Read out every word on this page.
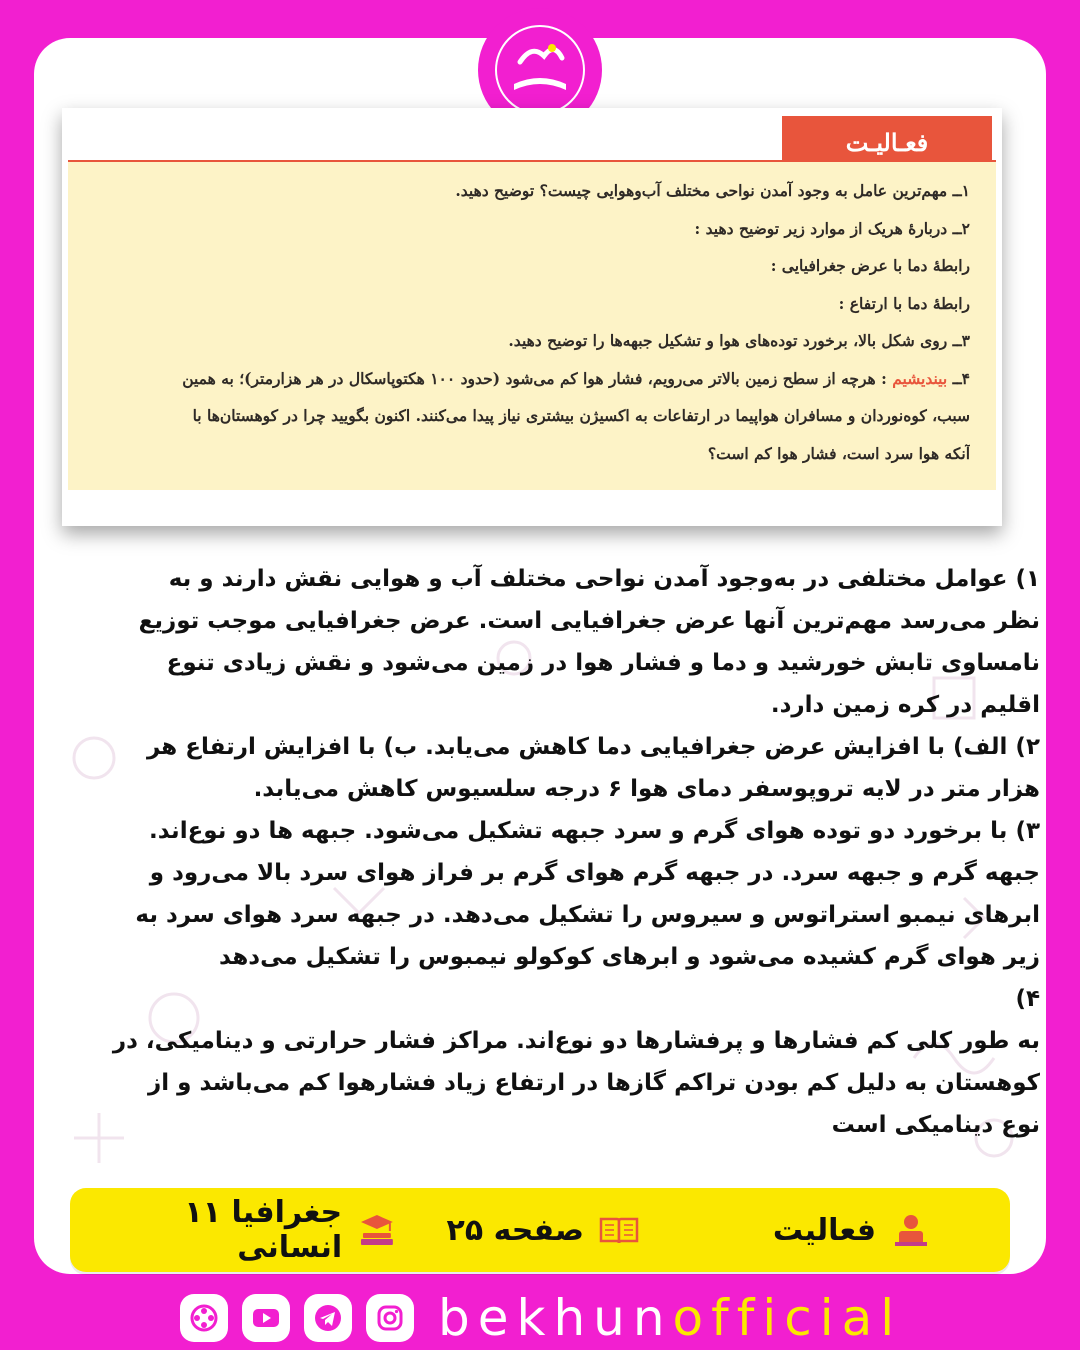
فعـالیـت

۱ــ مهم‌ترین عامل به وجود آمدن نواحی مختلف آب‌وهوایی چیست؟ توضیح دهید.

۲ــ دربارهٔ هریک از موارد زیر توضیح دهید :

رابطهٔ دما با عرض جغرافیایی :

رابطهٔ دما با ارتفاع :

۳ــ روی شکل بالا، برخورد توده‌های هوا و تشکیل جبهه‌ها را توضیح دهید.

۴ــ بیندیشیم : هرچه از سطح زمین بالاتر می‌رویم، فشار هوا کم می‌شود (حدود ۱۰۰ هکتوپاسکال در هر هزارمتر)؛ به همین

سبب، کوه‌نوردان و مسافران هواپیما در ارتفاعات به اکسیژن بیشتری نیاز پیدا می‌کنند. اکنون بگویید چرا در کوهستان‌ها با

آنکه هوا سرد است، فشار هوا کم است؟

۱) عوامل مختلفی در به‌وجود آمدن نواحی مختلف آب و هوایی نقش دارند و به

نظر می‌رسد مهم‌ترین آنها عرض جغرافیایی است. عرض جغرافیایی موجب توزیع

نامساوی تابش خورشید و دما و فشار هوا در زمین می‌شود و نقش زیادی تنوع

اقلیم در کره زمین دارد.

۲) الف) با افزایش عرض جغرافیایی دما کاهش می‌یابد. ب) با افزایش ارتفاع هر

هزار متر در لایه تروپوسفر دمای هوا ۶ درجه سلسیوس کاهش می‌یابد.

۳) با برخورد دو توده هوای گرم و سرد جبهه تشکیل می‌شود. جبهه ها دو نوع‌اند.

جبهه گرم و جبهه سرد. در جبهه گرم هوای گرم بر فراز هوای سرد بالا می‌رود و

ابرهای نیمبو استراتوس و سیروس را تشکیل می‌دهد. در جبهه سرد هوای سرد به

زیر هوای گرم کشیده می‌شود و ابرهای کوکولو نیمبوس را تشکیل می‌دهد

۴)

به طور کلی کم فشارها و پرفشارها دو نوع‌اند. مراکز فشار حرارتی و دینامیکی، در

کوهستان به دلیل کم بودن تراکم گازها در ارتفاع زیاد فشارهوا کم می‌باشد و از

نوع دینامیکی است

فعالیت
صفحه ۲۵
جغرافیا ۱۱ انسانی
bekhunofficial
